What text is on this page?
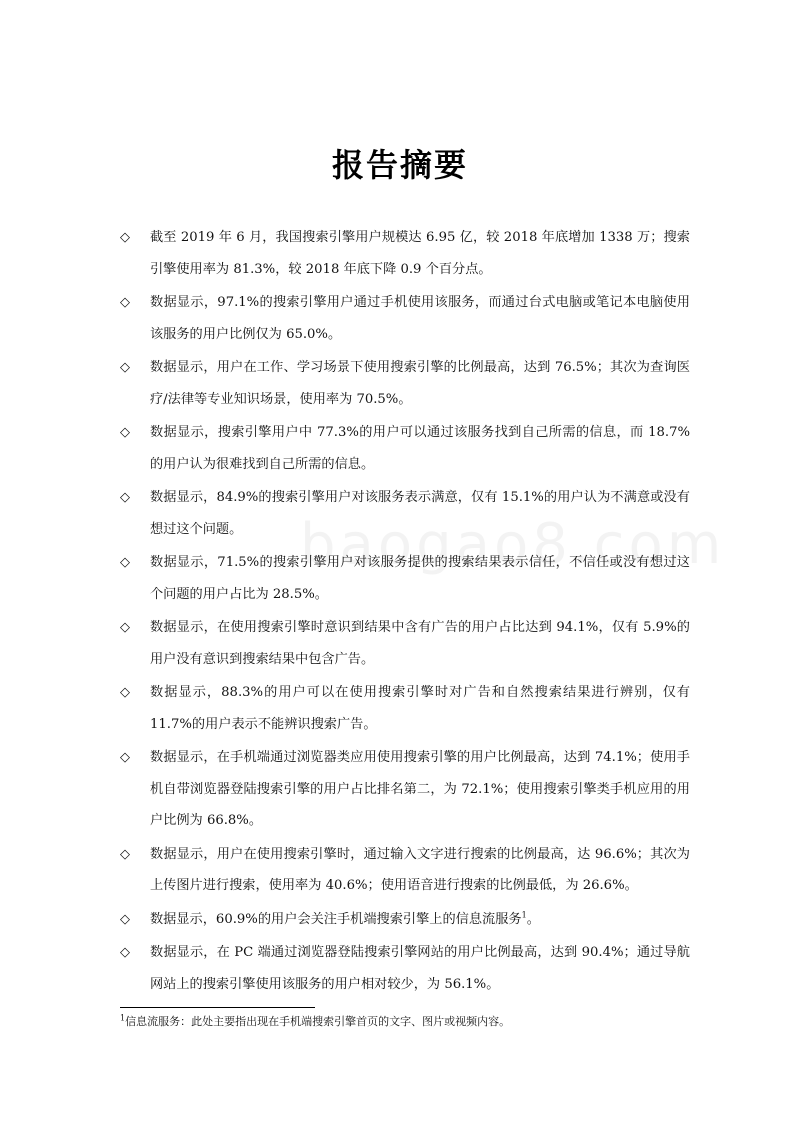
报告摘要
◇ 截至 2019 年 6 月，我国搜索引擎用户规模达 6.95 亿，较 2018 年底增加 1338 万；搜索引擎使用率为 81.3%，较 2018 年底下降 0.9 个百分点。
◇ 数据显示，97.1%的搜索引擎用户通过手机使用该服务，而通过台式电脑或笔记本电脑使用该服务的用户比例仅为 65.0%。
◇ 数据显示，用户在工作、学习场景下使用搜索引擎的比例最高，达到 76.5%；其次为查询医疗/法律等专业知识场景，使用率为 70.5%。
◇ 数据显示，搜索引擎用户中 77.3%的用户可以通过该服务找到自己所需的信息，而 18.7%的用户认为很难找到自己所需的信息。
◇ 数据显示，84.9%的搜索引擎用户对该服务表示满意，仅有 15.1%的用户认为不满意或没有想过这个问题。
◇ 数据显示，71.5%的搜索引擎用户对该服务提供的搜索结果表示信任，不信任或没有想过这个问题的用户占比为 28.5%。
◇ 数据显示，在使用搜索引擎时意识到结果中含有广告的用户占比达到 94.1%，仅有 5.9%的用户没有意识到搜索结果中包含广告。
◇ 数据显示，88.3%的用户可以在使用搜索引擎时对广告和自然搜索结果进行辨别，仅有 11.7%的用户表示不能辨识搜索广告。
◇ 数据显示，在手机端通过浏览器类应用使用搜索引擎的用户比例最高，达到 74.1%；使用手机自带浏览器登陆搜索引擎的用户占比排名第二，为 72.1%；使用搜索引擎类手机应用的用户比例为 66.8%。
◇ 数据显示，用户在使用搜索引擎时，通过输入文字进行搜索的比例最高，达 96.6%；其次为上传图片进行搜索，使用率为 40.6%；使用语音进行搜索的比例最低，为 26.6%。
◇ 数据显示，60.9%的用户会关注手机端搜索引擎上的信息流服务$^1$。
◇ 数据显示，在 PC 端通过浏览器登陆搜索引擎网站的用户比例最高，达到 90.4%；通过导航网站上的搜索引擎使用该服务的用户相对较少，为 56.1%。
$^1$信息流服务：此处主要指出现在手机端搜索引擎首页的文字、图片或视频内容。
